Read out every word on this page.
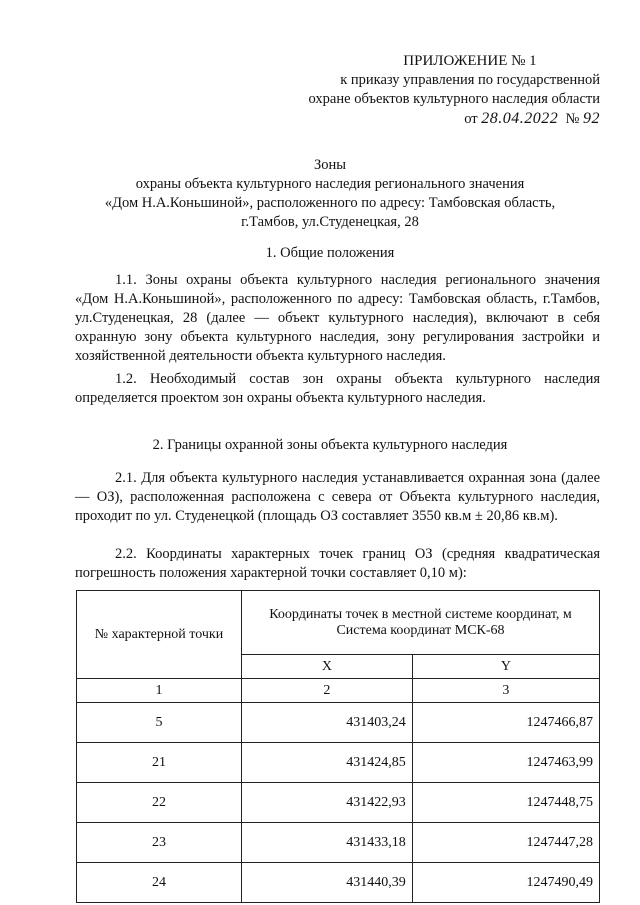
ПРИЛОЖЕНИЕ № 1
к приказу управления по государственной
охране объектов культурного наследия области
от 28.04.2022 № 92
Зоны
охраны объекта культурного наследия регионального значения
«Дом Н.А.Коньшиной», расположенного по адресу: Тамбовская область,
г.Тамбов, ул.Студенецкая, 28
1. Общие положения
1.1. Зоны охраны объекта культурного наследия регионального значения «Дом Н.А.Коньшиной», расположенного по адресу: Тамбовская область, г.Тамбов, ул.Студенецкая, 28 (далее — объект культурного наследия), включают в себя охранную зону объекта культурного наследия, зону регулирования застройки и хозяйственной деятельности объекта культурного наследия.
1.2. Необходимый состав зон охраны объекта культурного наследия определяется проектом зон охраны объекта культурного наследия.
2. Границы охранной зоны объекта культурного наследия
2.1. Для объекта культурного наследия устанавливается охранная зона (далее — ОЗ), расположенная расположена с севера от Объекта культурного наследия, проходит по ул. Студенецкой (площадь ОЗ составляет 3550 кв.м ± 20,86 кв.м).
2.2. Координаты характерных точек границ ОЗ (средняя квадратическая погрешность положения характерной точки составляет 0,10 м):
№ характерной точки	Координаты точек в местной системе координат, м
Система координат МСК-68	

	X	Y
1	2	3
5	431403,24	1247466,87
21	431424,85	1247463,99
22	431422,93	1247448,75
23	431433,18	1247447,28
24	431440,39	1247490,49
